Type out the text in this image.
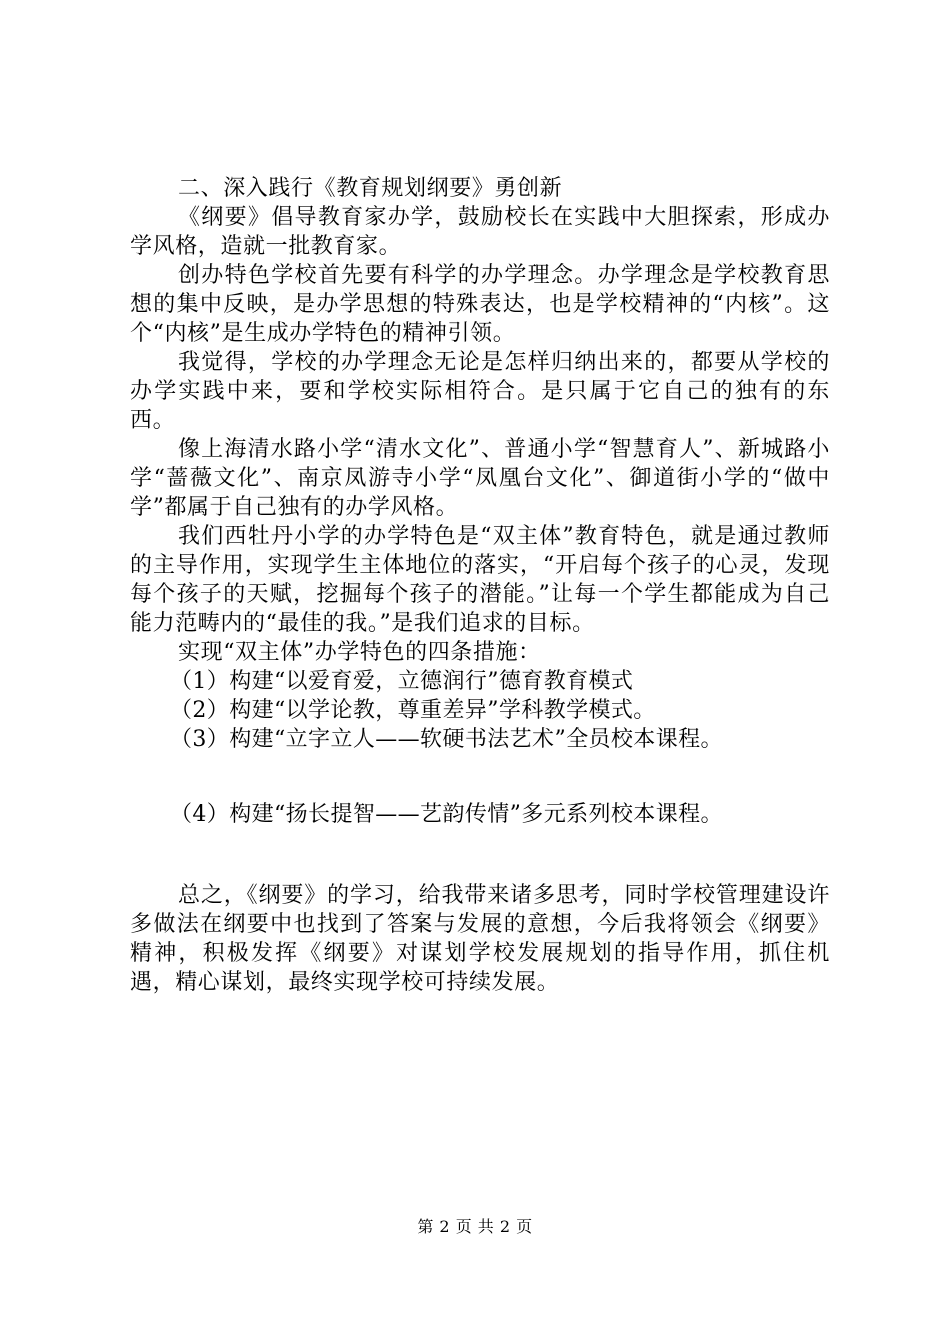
二、深入践行《教育规划纲要》勇创新

《纲要》倡导教育家办学，鼓励校长在实践中大胆探索，形成办学风格，造就一批教育家。

创办特色学校首先要有科学的办学理念。办学理念是学校教育思想的集中反映，是办学思想的特殊表达，也是学校精神的“内核”。这个“内核”是生成办学特色的精神引领。

我觉得，学校的办学理念无论是怎样归纳出来的，都要从学校的办学实践中来，要和学校实际相符合。是只属于它自己的独有的东西。

像上海清水路小学“清水文化”、普通小学“智慧育人”、新城路小学“蔷薇文化”、南京凤游寺小学“凤凰台文化”、御道街小学的“做中学”都属于自己独有的办学风格。

我们西牡丹小学的办学特色是“双主体”教育特色，就是通过教师的主导作用，实现学生主体地位的落实，“开启每个孩子的心灵，发现每个孩子的天赋，挖掘每个孩子的潜能。”让每一个学生都能成为自己能力范畴内的“最佳的我。”是我们追求的目标。

实现“双主体”办学特色的四条措施：

（1）构建“以爱育爱，立德润行”德育教育模式

（2）构建“以学论教，尊重差异”学科教学模式。

（3）构建“立字立人——软硬书法艺术”全员校本课程。

（4）构建“扬长提智——艺韵传情”多元系列校本课程。

总之，《纲要》的学习，给我带来诸多思考，同时学校管理建设许多做法在纲要中也找到了答案与发展的意想，今后我将领会《纲要》精神，积极发挥《纲要》对谋划学校发展规划的指导作用，抓住机遇，精心谋划，最终实现学校可持续发展。

第 2 页 共 2 页
